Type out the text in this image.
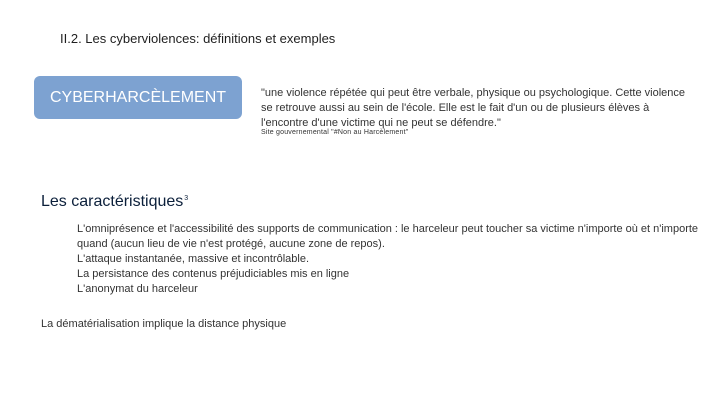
II.2. Les cyberviolences: définitions et exemples
CYBERHARCÈLEMENT	"une violence répétée qui peut être verbale, physique ou psychologique. Cette violence se retrouve aussi au sein de l'école. Elle est le fait d'un ou de plusieurs élèves à l'encontre d'une victime qui ne peut se défendre."

Site gouvernemental "#Non au Harcèlement"
Les caractéristiques$^3$
L'omniprésence et l'accessibilité des supports de communication : le harceleur peut toucher sa victime n'importe où et n'importe quand (aucun lieu de vie n'est protégé, aucune zone de repos).
L'attaque instantanée, massive et incontrôlable.
La persistance des contenus préjudiciables mis en ligne
L'anonymat du harceleur
La dématérialisation implique la distance physique
